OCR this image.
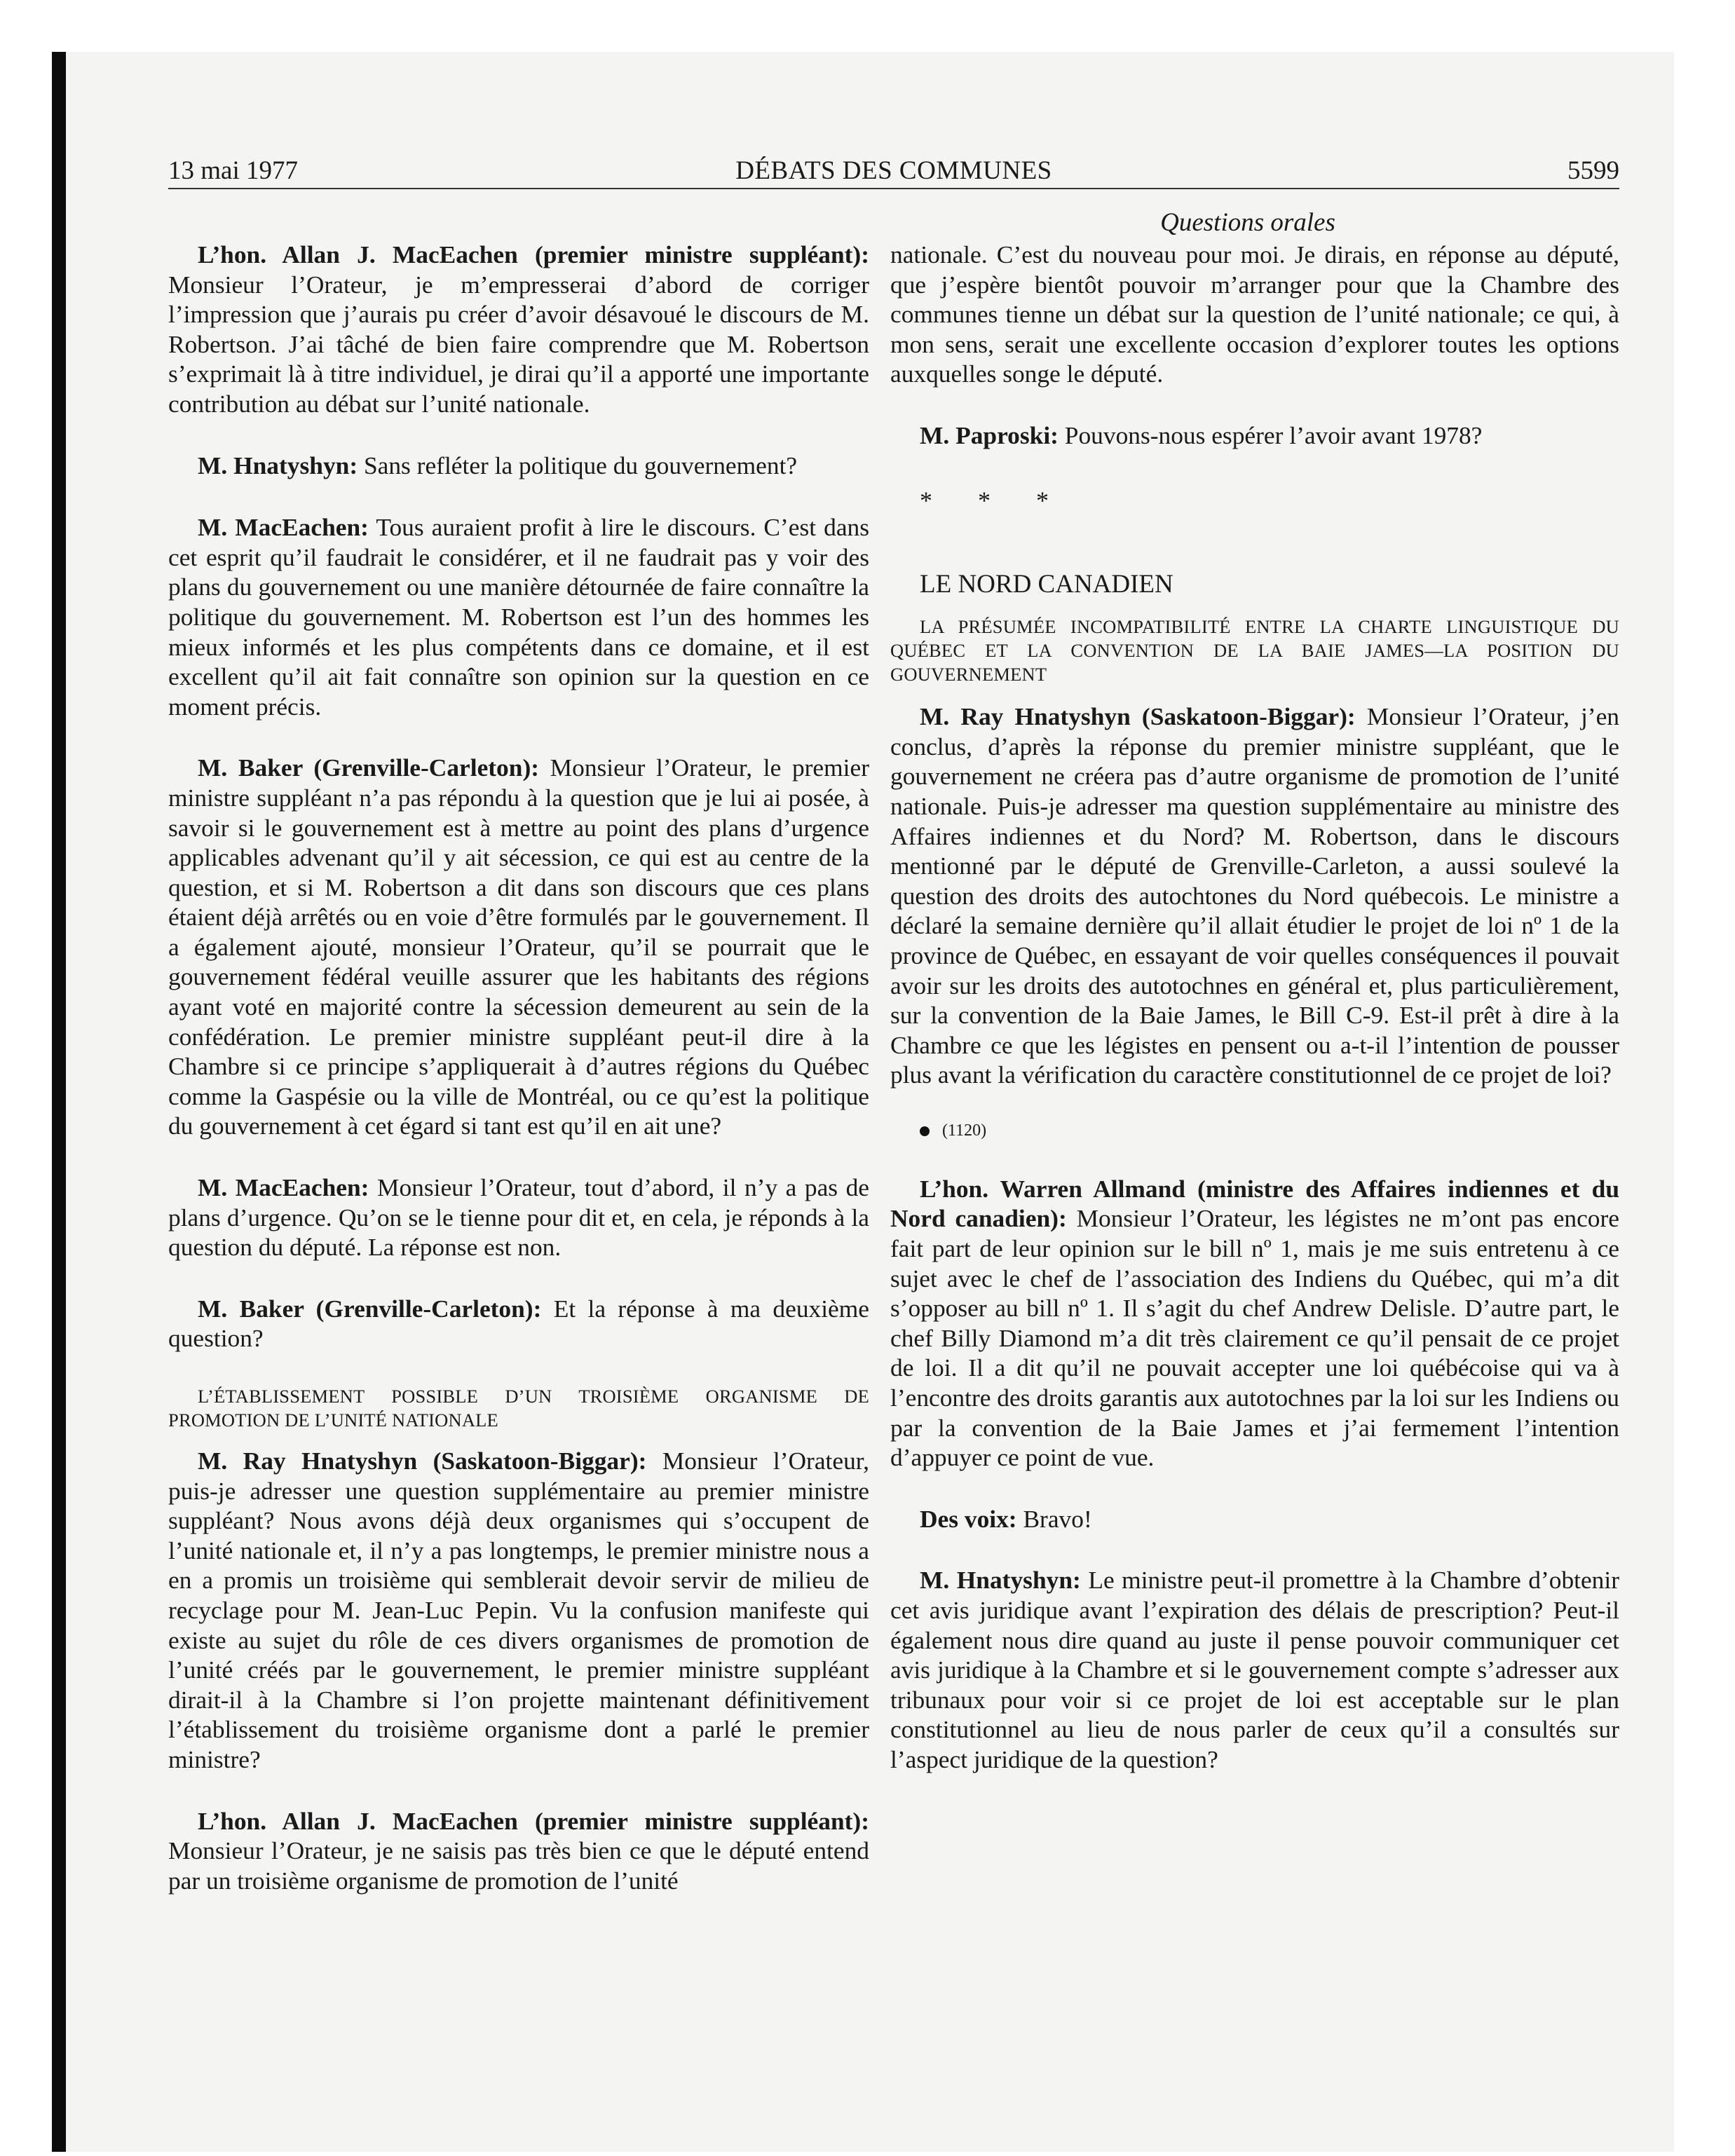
13 mai 1977	DÉBATS DES COMMUNES	5599
Questions orales

L’hon. Allan J. MacEachen (premier ministre suppléant): Monsieur l’Orateur, je m’empresserai d’abord de corriger l’impression que j’aurais pu créer d’avoir désavoué le discours de M. Robertson. J’ai tâché de bien faire comprendre que M. Robertson s’exprimait là à titre individuel, je dirai qu’il a apporté une importante contribution au débat sur l’unité nationale.

M. Hnatyshyn: Sans refléter la politique du gouvernement?

M. MacEachen: Tous auraient profit à lire le discours. C’est dans cet esprit qu’il faudrait le considérer, et il ne faudrait pas y voir des plans du gouvernement ou une manière détournée de faire connaître la politique du gouvernement. M. Robertson est l’un des hommes les mieux informés et les plus compétents dans ce domaine, et il est excellent qu’il ait fait connaître son opinion sur la question en ce moment précis.

M. Baker (Grenville-Carleton): Monsieur l’Orateur, le premier ministre suppléant n’a pas répondu à la question que je lui ai posée, à savoir si le gouvernement est à mettre au point des plans d’urgence applicables advenant qu’il y ait sécession, ce qui est au centre de la question, et si M. Robertson a dit dans son discours que ces plans étaient déjà arrêtés ou en voie d’être formulés par le gouvernement. Il a également ajouté, monsieur l’Orateur, qu’il se pourrait que le gouvernement fédéral veuille assurer que les habitants des régions ayant voté en majorité contre la sécession demeurent au sein de la confédération. Le premier ministre suppléant peut-il dire à la Chambre si ce principe s’appliquerait à d’autres régions du Québec comme la Gaspésie ou la ville de Montréal, ou ce qu’est la politique du gouvernement à cet égard si tant est qu’il en ait une?

M. MacEachen: Monsieur l’Orateur, tout d’abord, il n’y a pas de plans d’urgence. Qu’on se le tienne pour dit et, en cela, je réponds à la question du député. La réponse est non.

M. Baker (Grenville-Carleton): Et la réponse à ma deuxième question?

L’ÉTABLISSEMENT POSSIBLE D’UN TROISIÈME ORGANISME DE PROMOTION DE L’UNITÉ NATIONALE

M. Ray Hnatyshyn (Saskatoon-Biggar): Monsieur l’Orateur, puis-je adresser une question supplémentaire au premier ministre suppléant? Nous avons déjà deux organismes qui s’occupent de l’unité nationale et, il n’y a pas longtemps, le premier ministre nous a en a promis un troisième qui semblerait devoir servir de milieu de recyclage pour M. Jean-Luc Pepin. Vu la confusion manifeste qui existe au sujet du rôle de ces divers organismes de promotion de l’unité créés par le gouvernement, le premier ministre suppléant dirait-il à la Chambre si l’on projette maintenant définitivement l’établissement du troisième organisme dont a parlé le premier ministre?

L’hon. Allan J. MacEachen (premier ministre suppléant): Monsieur l’Orateur, je ne saisis pas très bien ce que le député entend par un troisième organisme de promotion de l’unité

nationale. C’est du nouveau pour moi. Je dirais, en réponse au député, que j’espère bientôt pouvoir m’arranger pour que la Chambre des communes tienne un débat sur la question de l’unité nationale; ce qui, à mon sens, serait une excellente occasion d’explorer toutes les options auxquelles songe le député.

M. Paproski: Pouvons-nous espérer l’avoir avant 1978?

* * *

LE NORD CANADIEN

LA PRÉSUMÉE INCOMPATIBILITÉ ENTRE LA CHARTE LINGUISTIQUE DU QUÉBEC ET LA CONVENTION DE LA BAIE JAMES—LA POSITION DU GOUVERNEMENT

M. Ray Hnatyshyn (Saskatoon-Biggar): Monsieur l’Orateur, j’en conclus, d’après la réponse du premier ministre suppléant, que le gouvernement ne créera pas d’autre organisme de promotion de l’unité nationale. Puis-je adresser ma question supplémentaire au ministre des Affaires indiennes et du Nord? M. Robertson, dans le discours mentionné par le député de Grenville-Carleton, a aussi soulevé la question des droits des autochtones du Nord québecois. Le ministre a déclaré la semaine dernière qu’il allait étudier le projet de loi nº 1 de la province de Québec, en essayant de voir quelles conséquences il pouvait avoir sur les droits des autotochnes en général et, plus particulièrement, sur la convention de la Baie James, le Bill C-9. Est-il prêt à dire à la Chambre ce que les légistes en pensent ou a-t-il l’intention de pousser plus avant la vérification du caractère constitutionnel de ce projet de loi?

(1120)

L’hon. Warren Allmand (ministre des Affaires indiennes et du Nord canadien): Monsieur l’Orateur, les légistes ne m’ont pas encore fait part de leur opinion sur le bill nº 1, mais je me suis entretenu à ce sujet avec le chef de l’association des Indiens du Québec, qui m’a dit s’opposer au bill nº 1. Il s’agit du chef Andrew Delisle. D’autre part, le chef Billy Diamond m’a dit très clairement ce qu’il pensait de ce projet de loi. Il a dit qu’il ne pouvait accepter une loi québécoise qui va à l’encontre des droits garantis aux autotochnes par la loi sur les Indiens ou par la convention de la Baie James et j’ai fermement l’intention d’appuyer ce point de vue.

Des voix: Bravo!

M. Hnatyshyn: Le ministre peut-il promettre à la Chambre d’obtenir cet avis juridique avant l’expiration des délais de prescription? Peut-il également nous dire quand au juste il pense pouvoir communiquer cet avis juridique à la Chambre et si le gouvernement compte s’adresser aux tribunaux pour voir si ce projet de loi est acceptable sur le plan constitutionnel au lieu de nous parler de ceux qu’il a consultés sur l’aspect juridique de la question?
